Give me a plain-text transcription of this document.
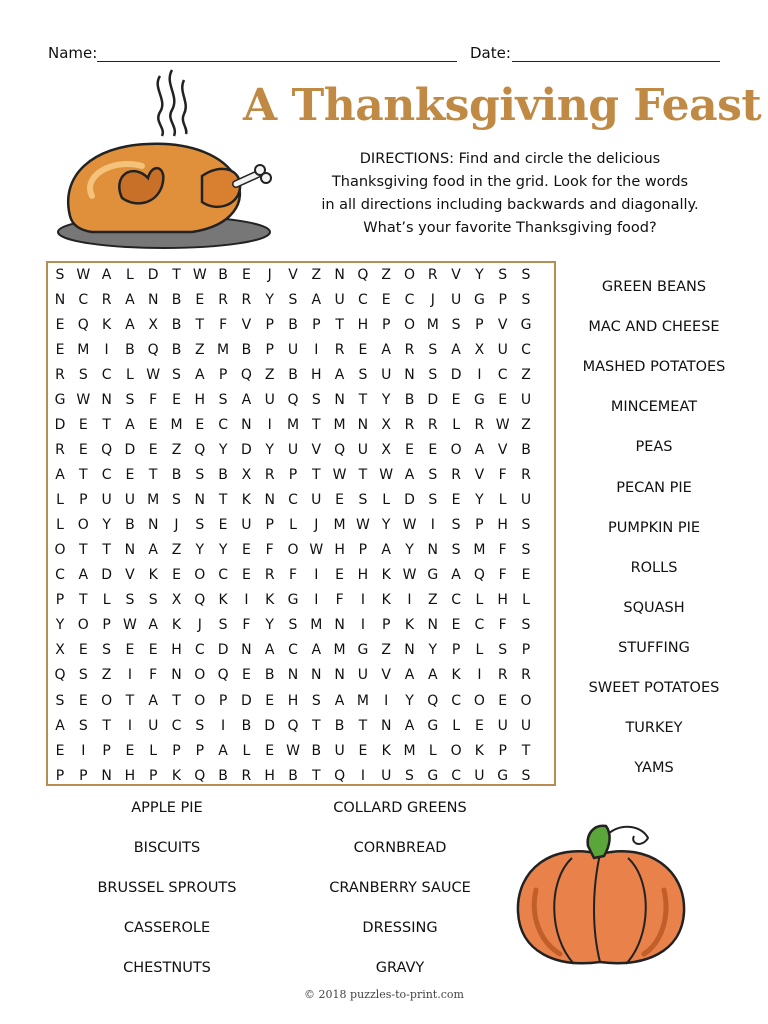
Name:	Date:
A Thanksgiving Feast
DIRECTIONS: Find and circle the delicious
Thanksgiving food in the grid. Look for the words
in all directions including backwards and diagonally.
What’s your favorite Thanksgiving food?
S W A	L	D T W B	E	J	V Z N Q Z O R V	Y	S	S
N C R A N B	E	R R	Y	S	A U C E	C	J	U G P	S
E Q K A X B	T	F	V	P	B	P	T H P O M S	P	V G
E M	I	B Q B Z M B	P U	I	R	E	A R S	A X U C
R S C	L W S	A	P Q Z B H A	S U N S D	I	C Z
G W N S	F	E H S	A U Q S N T	Y	B D E G E U
D E	T	A	E M E C N	I	M T M N X R R	L	R W Z
R	E Q D E	Z Q Y D Y U V Q U X	E	E O A V B
A	T	C E	T	B	S	B X R	P	T W T W A	S R V	F	R
L	P U U M S N T	K N C U E	S	L	D S	E	Y	L	U
L O Y	B N	J	S	E U P	L	J	M W Y W	I	S	P H S
O T	T N A Z	Y	Y	E	F O W H P	A	Y N S M F	S
C A D V K	E O C E	R	F	I	E H K W G A Q F	E
P	T	L	S	S	X Q K	I	K G	I	F	I	K	I	Z C	L	H	L
Y O P W A K	J	S	F	Y	S M N	I	P	K N E C	F	S
X	E	S	E	E H C D N A C A M G Z N Y	P	L	S	P
Q S	Z	I	F	N O Q E	B N N N U V A A K	I	R R
S	E O T	A	T O P D E H S	A M	I	Y Q C O E O
A	S	T	I	U C S	I	B D Q T	B	T N A G L	E U U
E	I	P	E	L	P	P	A	L	E W B U E	K M L O K	P	T
P	P N H P	K Q B R H B	T Q	I	U S G C U G S
GREEN BEANS
MAC AND CHEESE
MASHED POTATOES
MINCEMEAT
PEAS
PECAN PIE
PUMPKIN PIE
ROLLS
SQUASH
STUFFING
SWEET POTATOES
TURKEY
YAMS
APPLE PIE
BISCUITS
BRUSSEL SPROUTS
CASSEROLE
CHESTNUTS
COLLARD GREENS
CORNBREAD
CRANBERRY SAUCE
DRESSING
GRAVY
© 2018 puzzles-to-print.com
